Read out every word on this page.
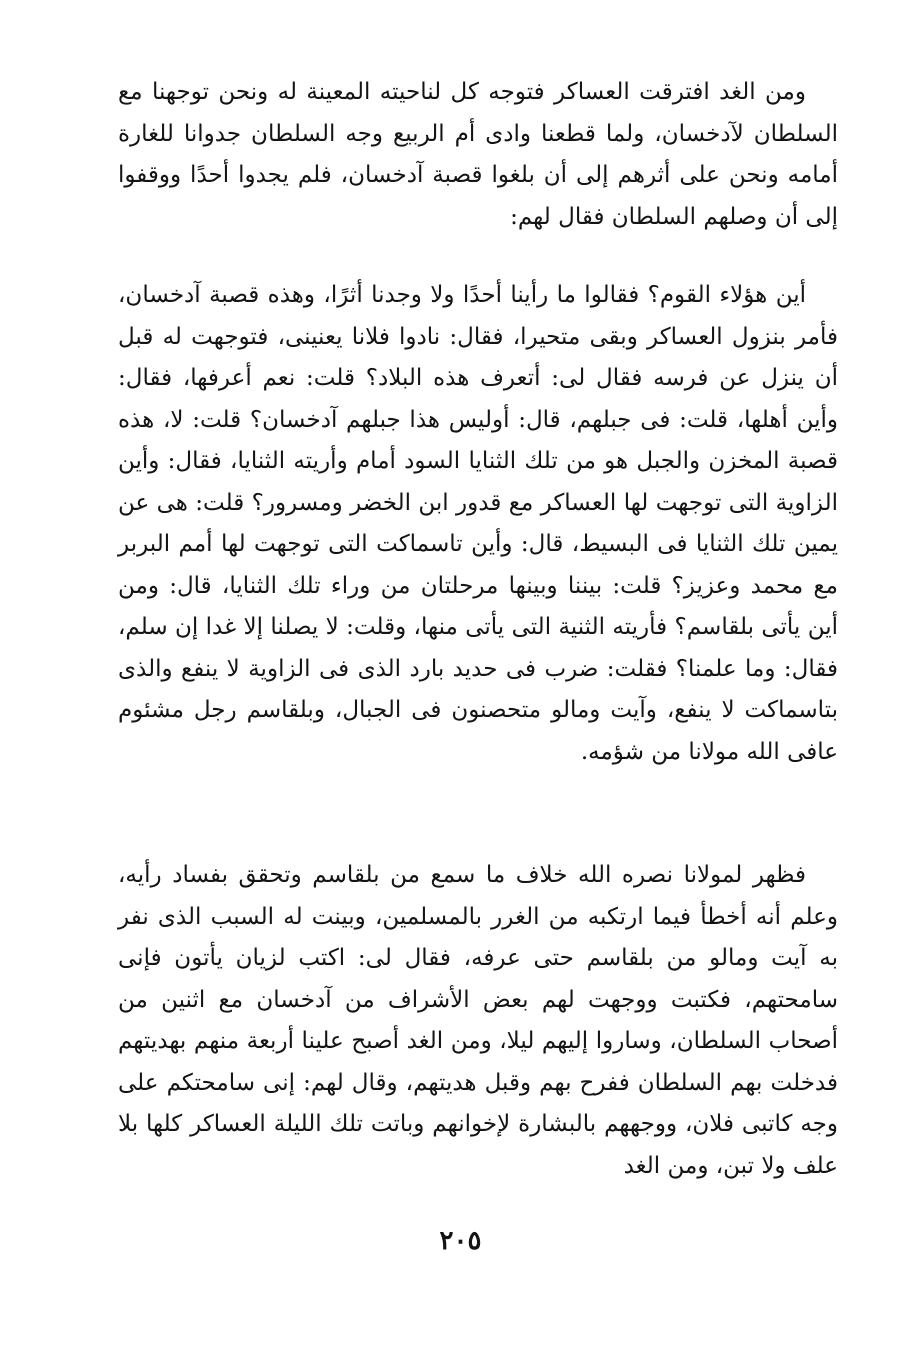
ومن الغد افترقت العساكر فتوجه كل لناحيته المعينة له ونحن توجهنا مع السلطان لآدخسان، ولما قطعنا وادى أم الربيع وجه السلطان جدوانا للغارة أمامه ونحن على أثرهم إلى أن بلغوا قصبة آدخسان، فلم يجدوا أحدًا ووقفوا إلى أن وصلهم السلطان فقال لهم:

أين هؤلاء القوم؟ فقالوا ما رأينا أحدًا ولا وجدنا أثرًا، وهذه قصبة آدخسان، فأمر بنزول العساكر وبقى متحيرا، فقال: نادوا فلانا يعنينى، فتوجهت له قبل أن ينزل عن فرسه فقال لى: أتعرف هذه البلاد؟ قلت: نعم أعرفها، فقال: وأين أهلها، قلت: فى جبلهم، قال: أوليس هذا جبلهم آدخسان؟ قلت: لا، هذه قصبة المخزن والجبل هو من تلك الثنايا السود أمام وأريته الثنايا، فقال: وأين الزاوية التى توجهت لها العساكر مع قدور ابن الخضر ومسرور؟ قلت: هى عن يمين تلك الثنايا فى البسيط، قال: وأين تاسماكت التى توجهت لها أمم البربر مع محمد وعزيز؟ قلت: بيننا وبينها مرحلتان من وراء تلك الثنايا، قال: ومن أين يأتى بلقاسم؟ فأريته الثنية التى يأتى منها، وقلت: لا يصلنا إلا غدا إن سلم، فقال: وما علمنا؟ فقلت: ضرب فى حديد بارد الذى فى الزاوية لا ينفع والذى بتاسماكت لا ينفع، وآيت ومالو متحصنون فى الجبال، وبلقاسم رجل مشئوم عافى الله مولانا من شؤمه.

فظهر لمولانا نصره الله خلاف ما سمع من بلقاسم وتحقق بفساد رأيه، وعلم أنه أخطأ فيما ارتكبه من الغرر بالمسلمين، وبينت له السبب الذى نفر به آيت ومالو من بلقاسم حتى عرفه، فقال لى: اكتب لزيان يأتون فإنى سامحتهم، فكتبت ووجهت لهم بعض الأشراف من آدخسان مع اثنين من أصحاب السلطان، وساروا إليهم ليلا، ومن الغد أصبح علينا أربعة منهم بهديتهم فدخلت بهم السلطان ففرح بهم وقبل هديتهم، وقال لهم: إنى سامحتكم على وجه كاتبى فلان، ووجههم بالبشارة لإخوانهم وباتت تلك الليلة العساكر كلها بلا علف ولا تبن، ومن الغد

٢٠٥
